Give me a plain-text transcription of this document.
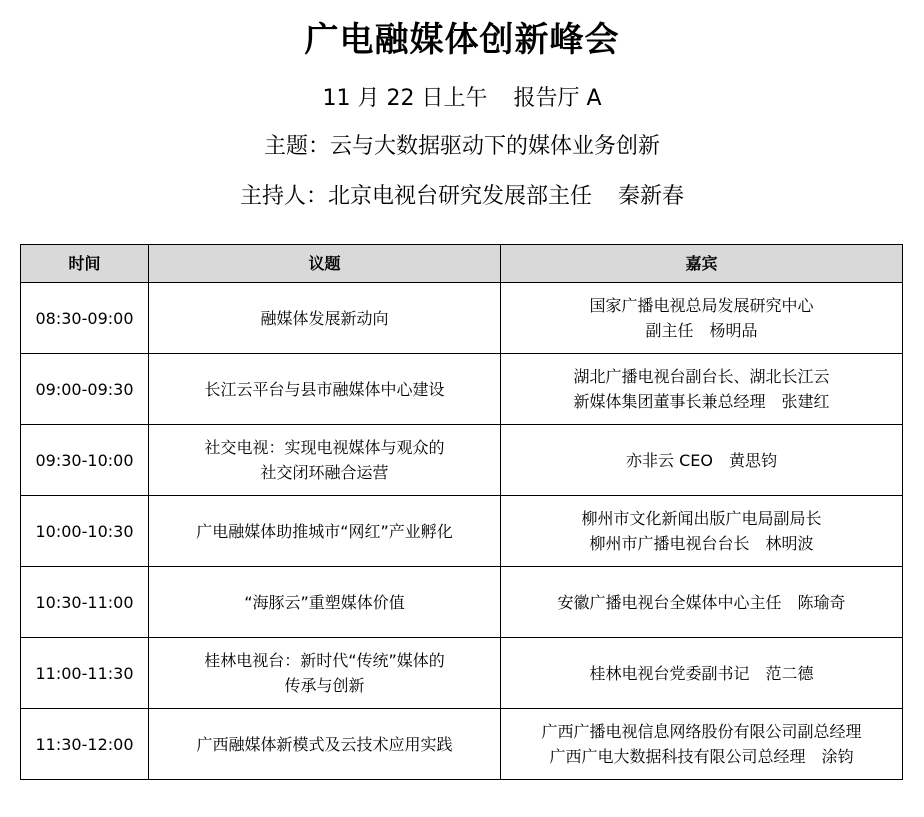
广电融媒体创新峰会
11 月 22 日上午 报告厅 A
主题：云与大数据驱动下的媒体业务创新
主持人：北京电视台研究发展部主任 秦新春
时间	议题	嘉宾
08:30-09:00	融媒体发展新动向	国家广播电视总局发展研究中心
副主任　杨明品

09:00-09:30	长江云平台与县市融媒体中心建设	湖北广播电视台副台长、湖北长江云
新媒体集团董事长兼总经理　张建红

09:30-10:00	社交电视：实现电视媒体与观众的
社交闭环融合运营	亦非云 CEO　黄思钧

10:00-10:30	广电融媒体助推城市“网红”产业孵化	柳州市文化新闻出版广电局副局长
柳州市广播电视台台长　林明波

10:30-11:00	“海豚云”重塑媒体价值	安徽广播电视台全媒体中心主任　陈瑜奇

11:00-11:30	桂林电视台：新时代“传统”媒体的
传承与创新	桂林电视台党委副书记　范二德

11:30-12:00	广西融媒体新模式及云技术应用实践	广西广播电视信息网络股份有限公司副总经理
广西广电大数据科技有限公司总经理　涂钧
